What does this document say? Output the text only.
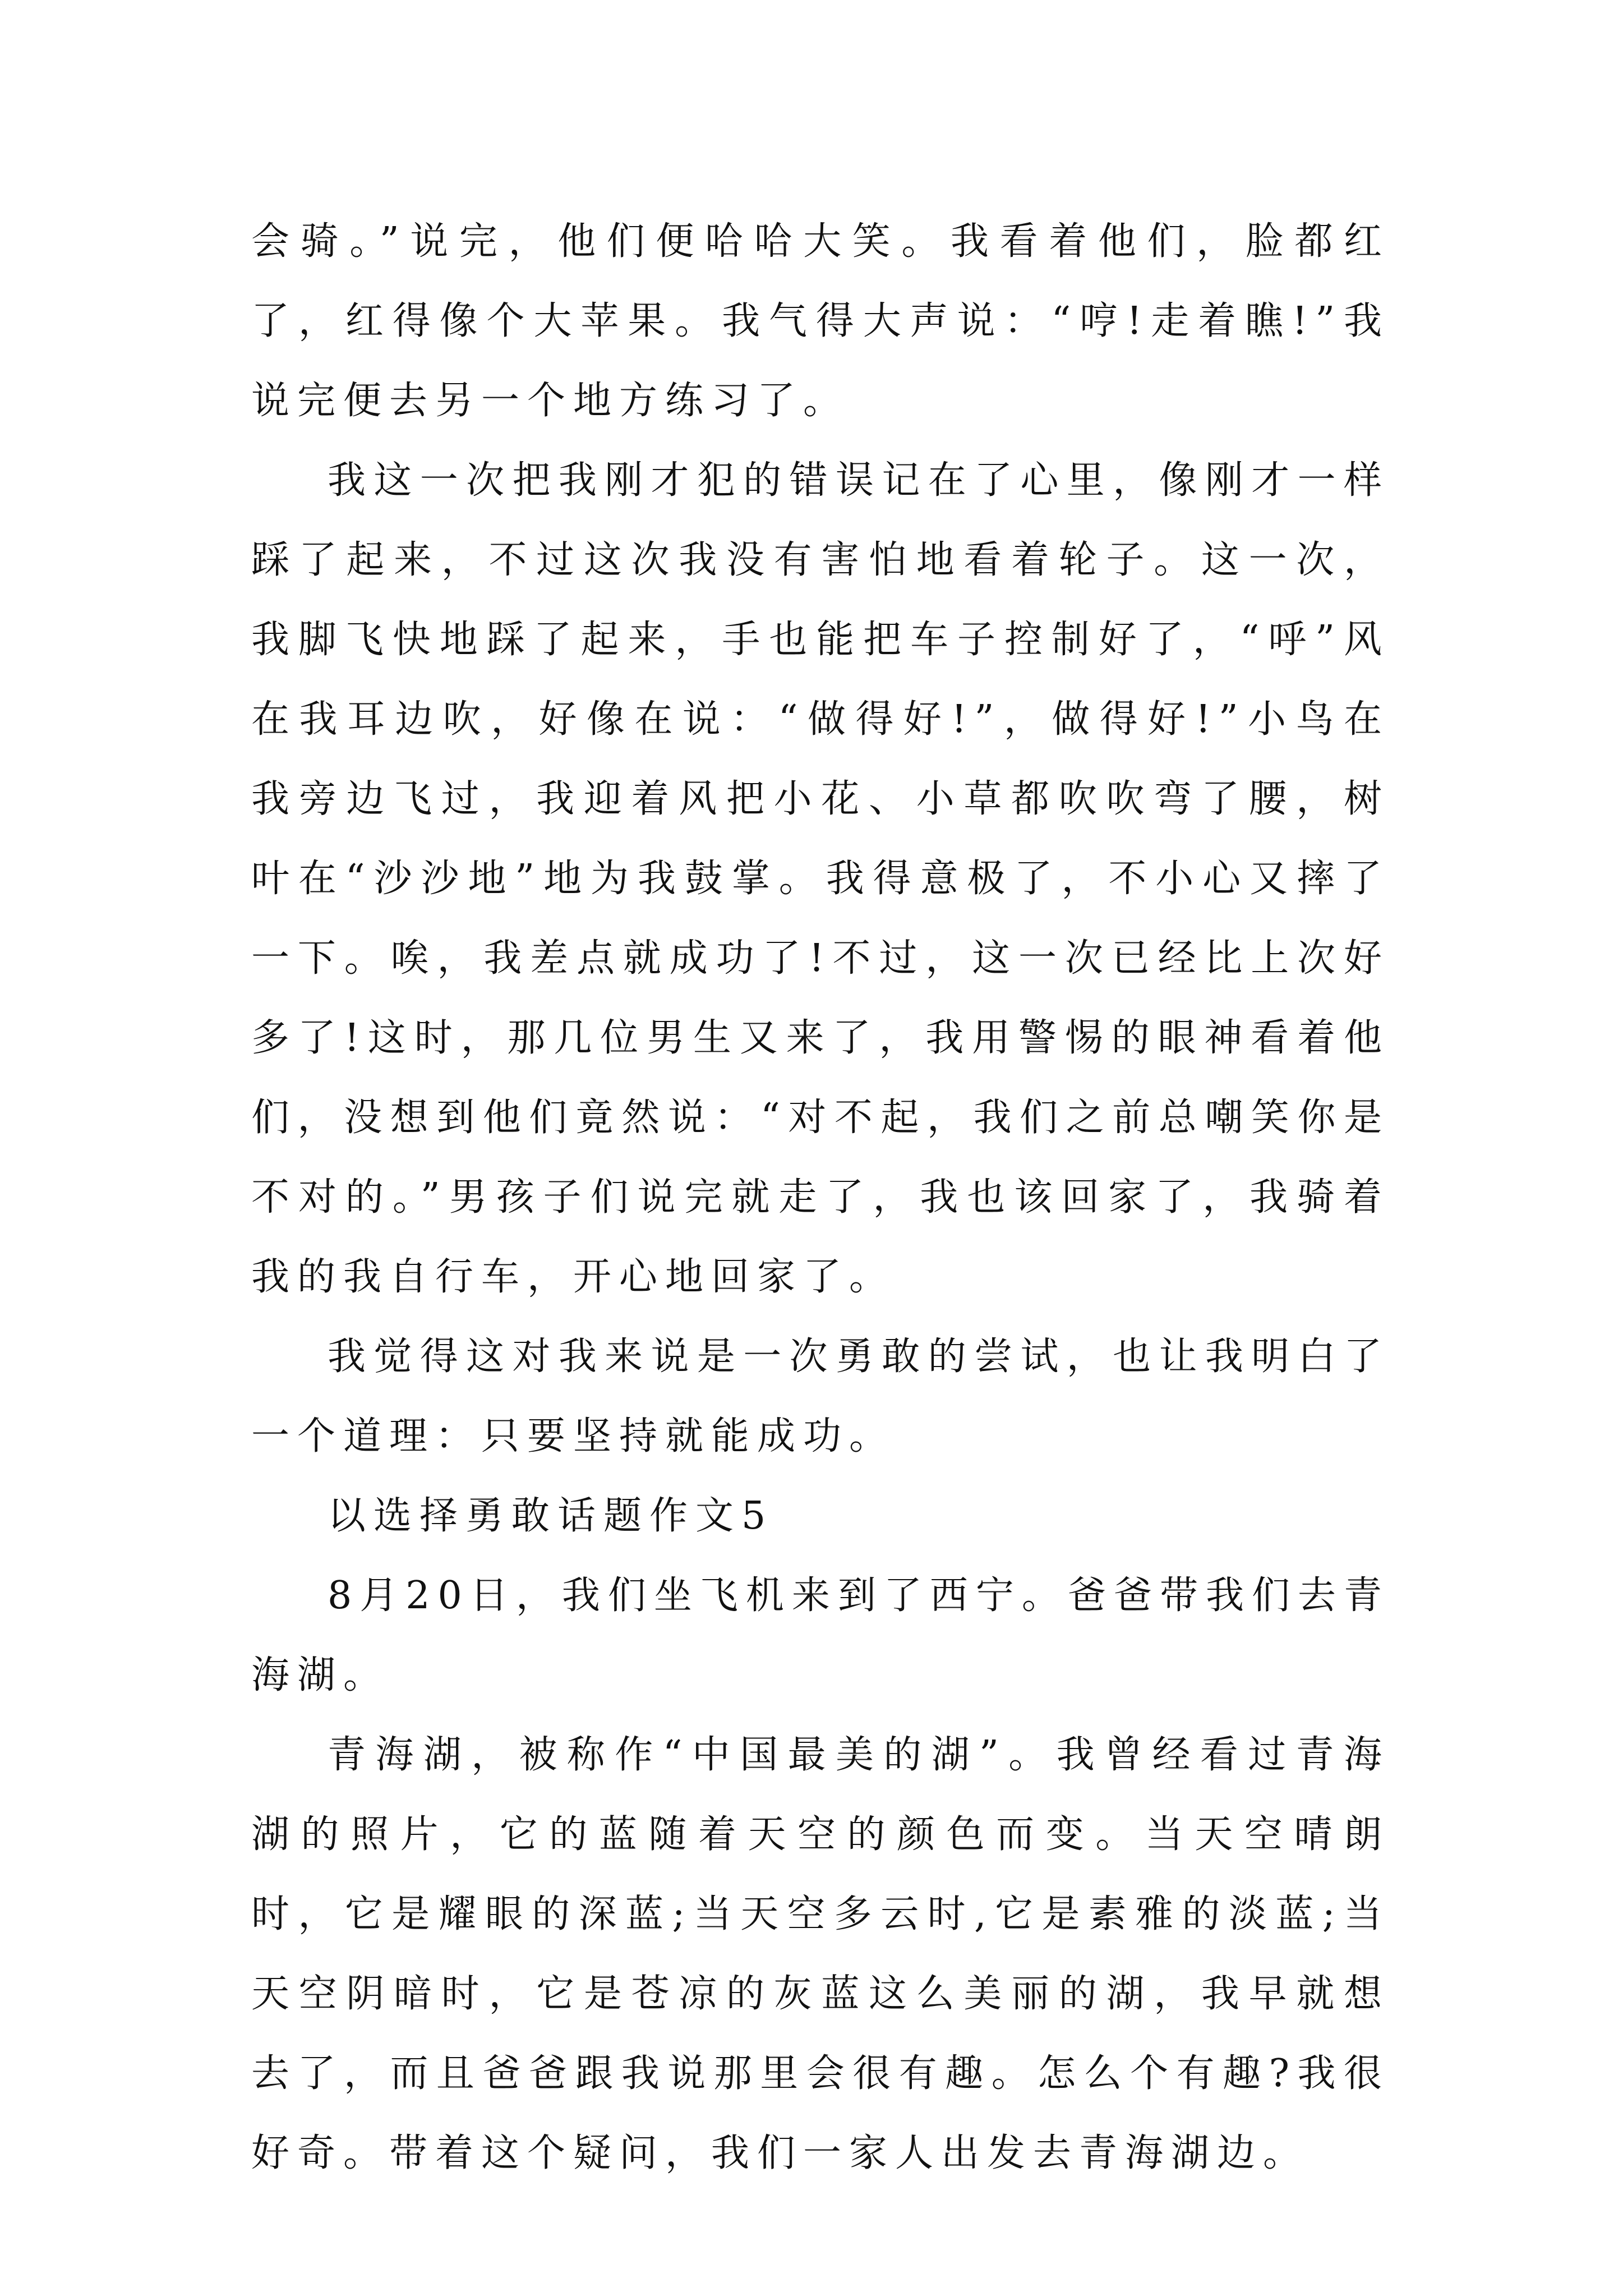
会骑。”说完，他们便哈哈大笑。我看着他们，脸都红了，红得像个大苹果。我气得大声说：“哼!走着瞧!”我说完便去另一个地方练习了。

我这一次把我刚才犯的错误记在了心里，像刚才一样踩了起来，不过这次我没有害怕地看着轮子。这一次，我脚飞快地踩了起来，手也能把车子控制好了，“呼”风在我耳边吹，好像在说：“做得好!”，做得好!”小鸟在我旁边飞过，我迎着风把小花、小草都吹吹弯了腰，树叶在“沙沙地”地为我鼓掌。我得意极了，不小心又摔了一下。唉，我差点就成功了!不过，这一次已经比上次好多了!这时，那几位男生又来了，我用警惕的眼神看着他们，没想到他们竟然说：“对不起，我们之前总嘲笑你是不对的。”男孩子们说完就走了，我也该回家了，我骑着我的我自行车，开心地回家了。

我觉得这对我来说是一次勇敢的尝试，也让我明白了一个道理：只要坚持就能成功。

以选择勇敢话题作文5

8月20日，我们坐飞机来到了西宁。爸爸带我们去青海湖。

青海湖，被称作“中国最美的湖”。我曾经看过青海湖的照片，它的蓝随着天空的颜色而变。当天空晴朗时，它是耀眼的深蓝;当天空多云时,它是素雅的淡蓝;当天空阴暗时，它是苍凉的灰蓝这么美丽的湖，我早就想去了，而且爸爸跟我说那里会很有趣。怎么个有趣?我很好奇。带着这个疑问，我们一家人出发去青海湖边。
